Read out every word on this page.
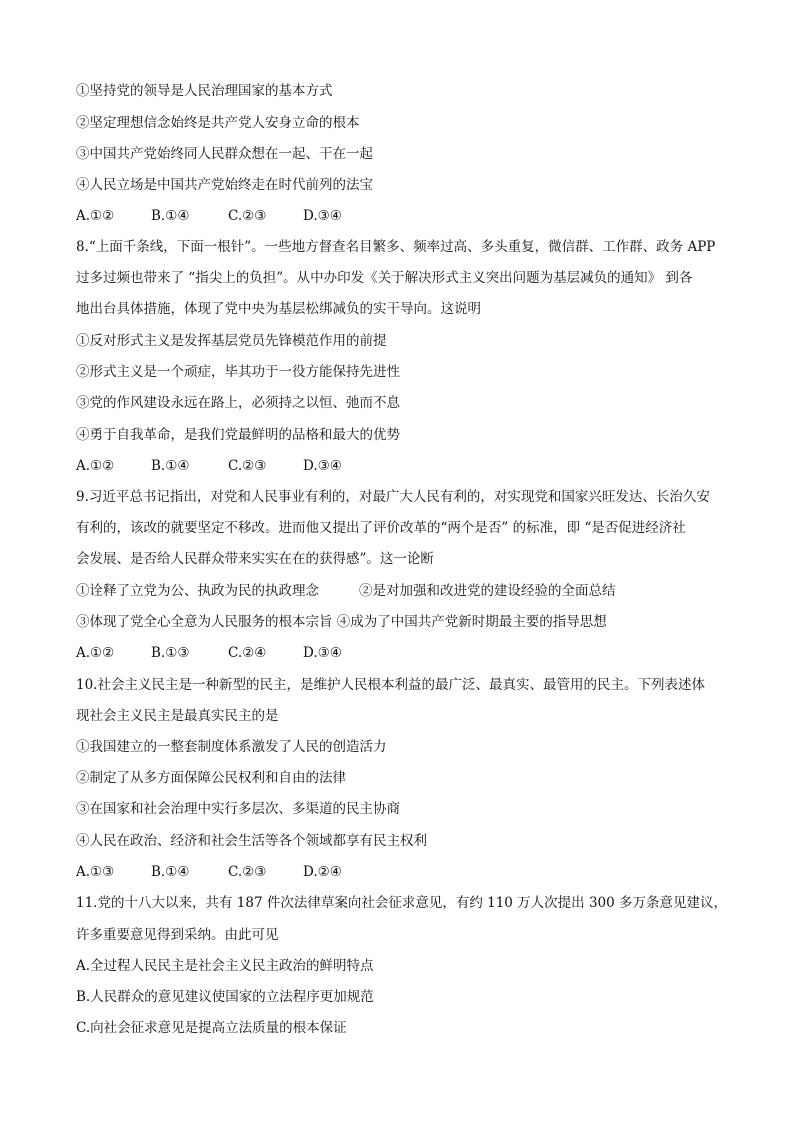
①坚持党的领导是人民治理国家的基本方式
②坚定理想信念始终是共产党人安身立命的根本
③中国共产党始终同人民群众想在一起、干在一起
④人民立场是中国共产党始终走在时代前列的法宝
A.①②	B.①④	C.②③	D.③④
8.“上面千条线，下面一根针”。一些地方督查名目繁多、频率过高、多头重复，微信群、工作群、政务 APP
过多过频也带来了 “指尖上的负担”。从中办印发《关于解决形式主义突出问题为基层减负的通知》 到各
地出台具体措施，体现了党中央为基层松绑减负的实干导向。这说明
①反对形式主义是发挥基层党员先锋模范作用的前提
②形式主义是一个顽症，毕其功于一役方能保持先进性
③党的作风建设永远在路上，必须持之以恒、弛而不息
④勇于自我革命，是我们党最鲜明的品格和最大的优势
A.①②	B.①④	C.②③	D.③④
9.习近平总书记指出，对党和人民事业有利的，对最广大人民有利的，对实现党和国家兴旺发达、长治久安
有利的，该改的就要坚定不移改。进而他又提出了评价改革的“两个是否” 的标准，即 “是否促进经济社
会发展、是否给人民群众带来实实在在的获得感”。这一论断
①诠释了立党为公、执政为民的执政理念	②是对加强和改进党的建设经验的全面总结
③体现了党全心全意为人民服务的根本宗旨 ④成为了中国共产党新时期最主要的指导思想
A.①②	B.①③	C.②④	D.③④
10.社会主义民主是一种新型的民主，是维护人民根本利益的最广泛、最真实、最管用的民主。下列表述体
现社会主义民主是最真实民主的是
①我国建立的一整套制度体系激发了人民的创造活力
②制定了从多方面保障公民权利和自由的法律
③在国家和社会治理中实行多层次、多渠道的民主协商
④人民在政治、经济和社会生活等各个领域都享有民主权利
A.①③	B.①④	C.②③	D.②④
11.党的十八大以来，共有 187 件次法律草案向社会征求意见，有约 110 万人次提出 300 多万条意见建议，
许多重要意见得到采纳。由此可见
A.全过程人民民主是社会主义民主政治的鲜明特点
B.人民群众的意见建议使国家的立法程序更加规范
C.向社会征求意见是提高立法质量的根本保证
